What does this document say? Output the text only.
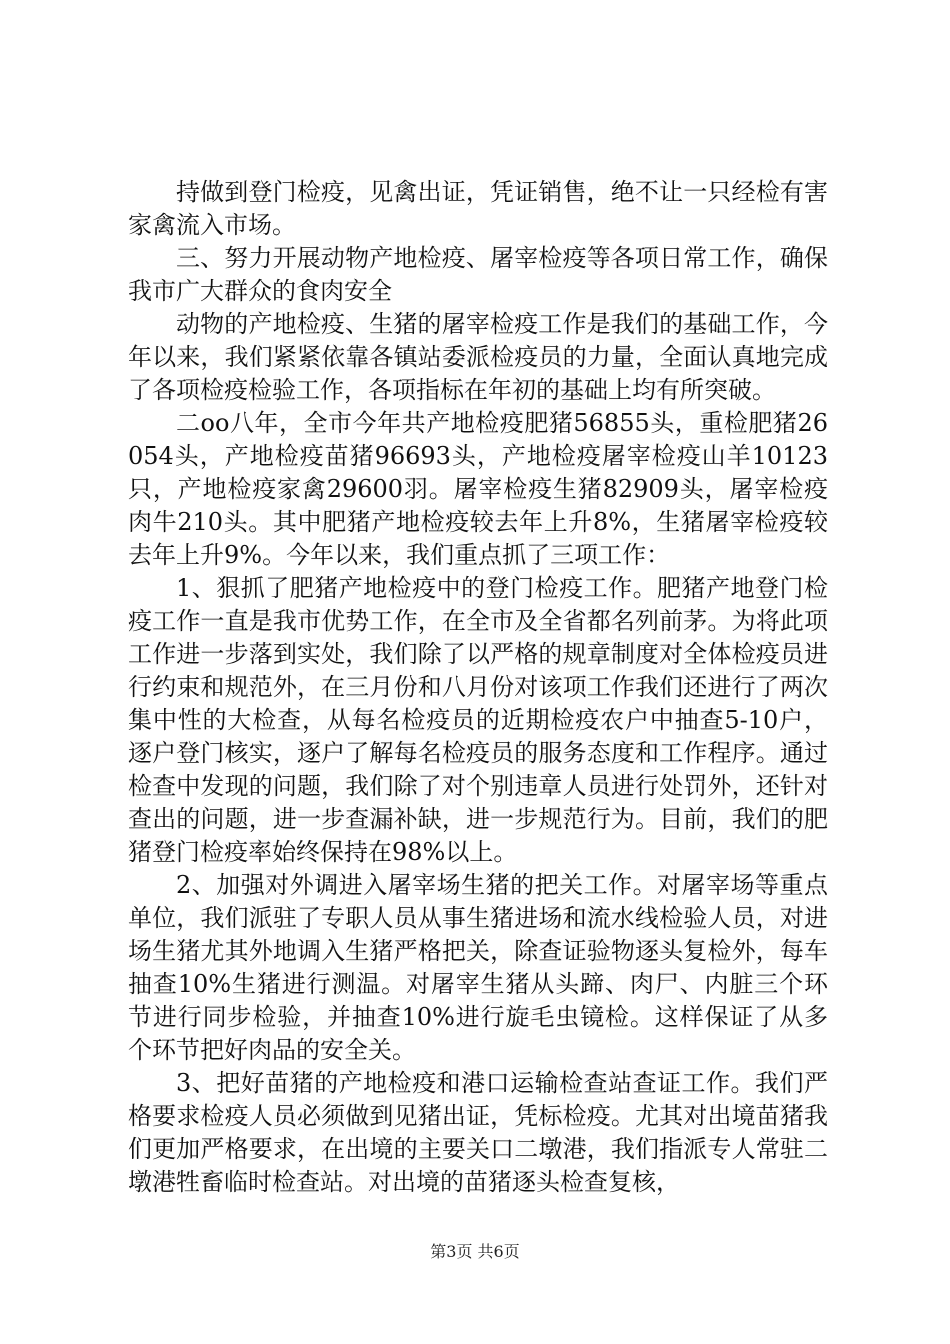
持做到登门检疫，见禽出证，凭证销售，绝不让一只经检有害家禽流入市场。

三、努力开展动物产地检疫、屠宰检疫等各项日常工作，确保我市广大群众的食肉安全

动物的产地检疫、生猪的屠宰检疫工作是我们的基础工作，今年以来，我们紧紧依靠各镇站委派检疫员的力量，全面认真地完成了各项检疫检验工作，各项指标在年初的基础上均有所突破。

二oo八年，全市今年共产地检疫肥猪56855头，重检肥猪26054头，产地检疫苗猪96693头，产地检疫屠宰检疫山羊10123只，产地检疫家禽29600羽。屠宰检疫生猪82909头，屠宰检疫肉牛210头。其中肥猪产地检疫较去年上升8%，生猪屠宰检疫较去年上升9%。今年以来，我们重点抓了三项工作：

1、狠抓了肥猪产地检疫中的登门检疫工作。肥猪产地登门检疫工作一直是我市优势工作，在全市及全省都名列前茅。为将此项工作进一步落到实处，我们除了以严格的规章制度对全体检疫员进行约束和规范外，在三月份和八月份对该项工作我们还进行了两次集中性的大检查，从每名检疫员的近期检疫农户中抽查5-10户，逐户登门核实，逐户了解每名检疫员的服务态度和工作程序。通过检查中发现的问题，我们除了对个别违章人员进行处罚外，还针对查出的问题，进一步查漏补缺，进一步规范行为。目前，我们的肥猪登门检疫率始终保持在98%以上。

2、加强对外调进入屠宰场生猪的把关工作。对屠宰场等重点单位，我们派驻了专职人员从事生猪进场和流水线检验人员，对进场生猪尤其外地调入生猪严格把关，除查证验物逐头复检外，每车抽查10%生猪进行测温。对屠宰生猪从头蹄、肉尸、内脏三个环节进行同步检验，并抽查10%进行旋毛虫镜检。这样保证了从多个环节把好肉品的安全关。

3、把好苗猪的产地检疫和港口运输检查站查证工作。我们严格要求检疫人员必须做到见猪出证，凭标检疫。尤其对出境苗猪我们更加严格要求，在出境的主要关口二墩港，我们指派专人常驻二墩港牲畜临时检查站。对出境的苗猪逐头检查复核，

第3页 共6页
